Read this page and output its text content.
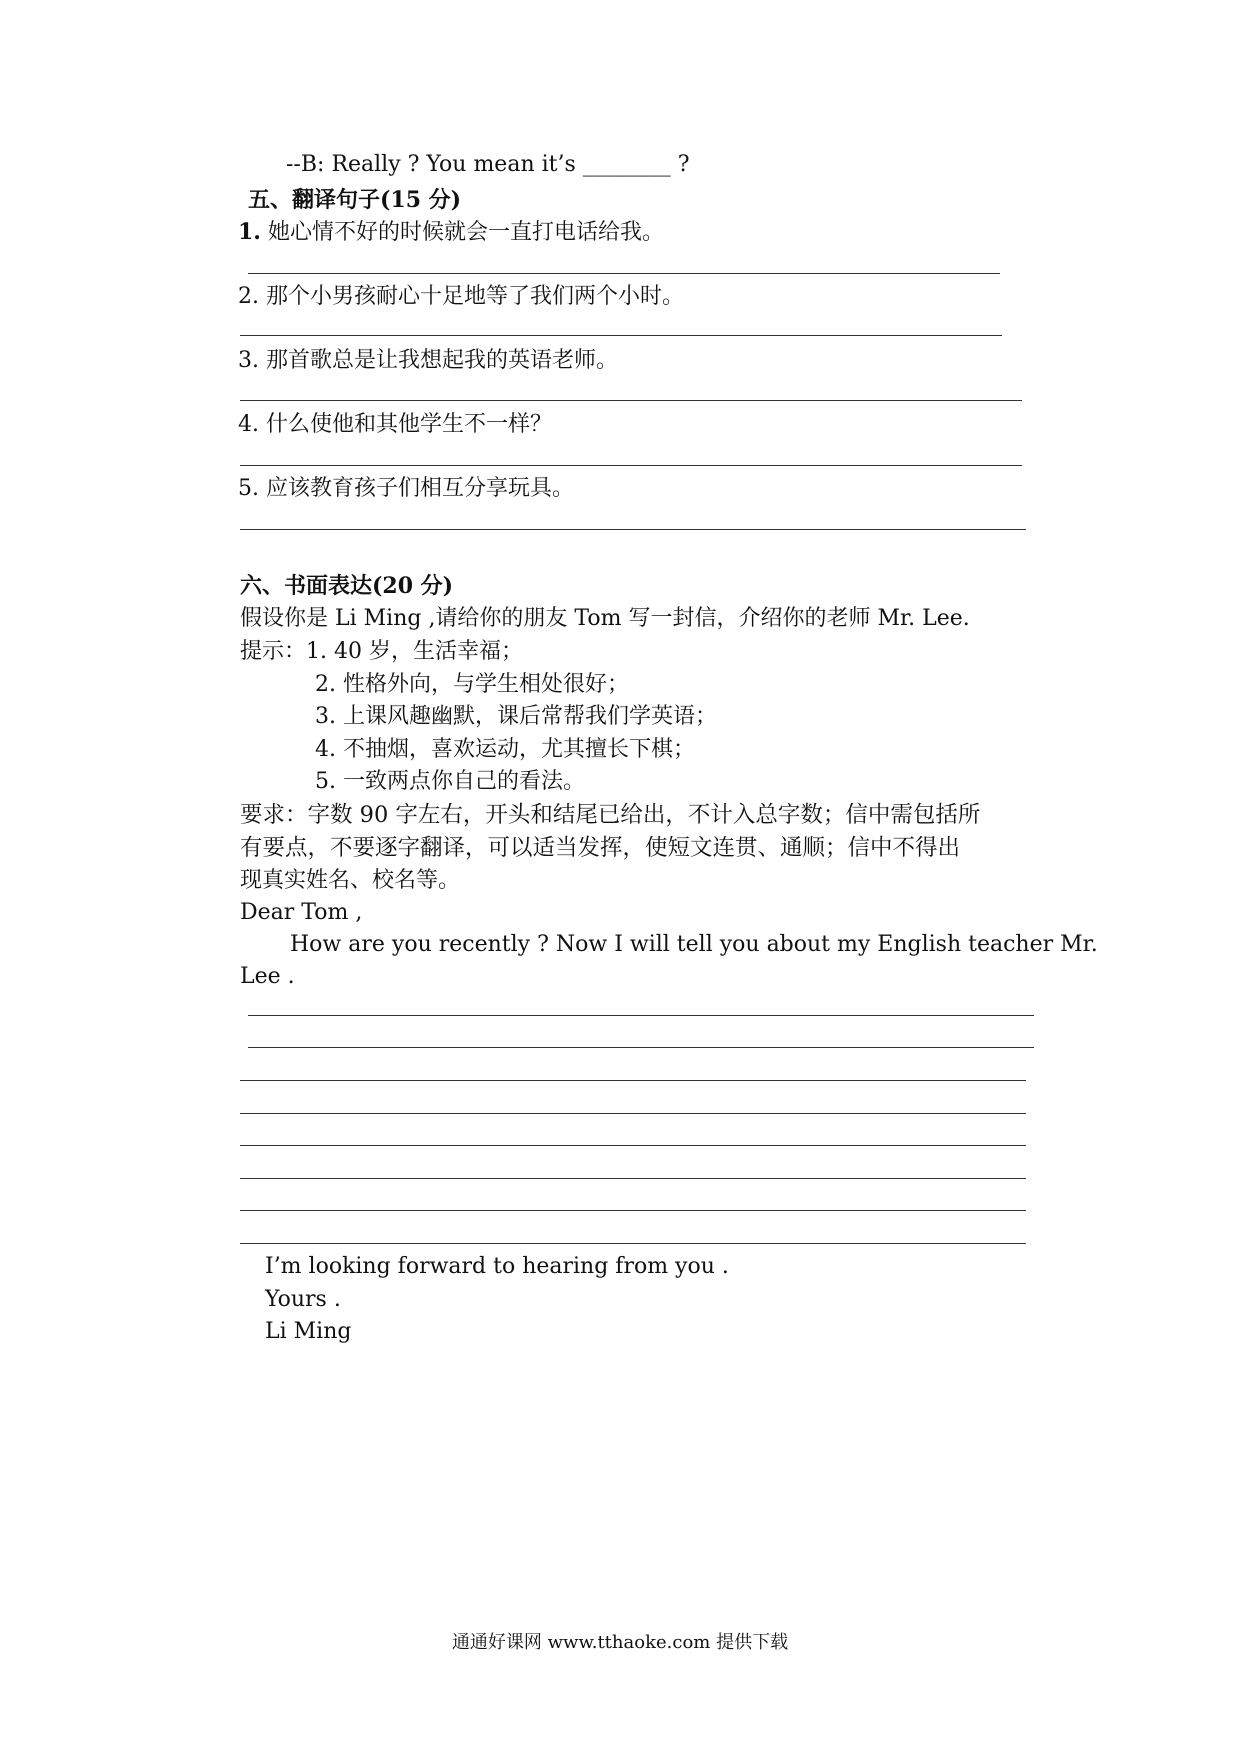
--B: Really ? You mean it’s ________ ?
五、翻译句子(15 分)
1. 她心情不好的时候就会一直打电话给我。
2. 那个小男孩耐心十足地等了我们两个小时。
3. 那首歌总是让我想起我的英语老师。
4. 什么使他和其他学生不一样？
5. 应该教育孩子们相互分享玩具。
六、书面表达(20 分)
假设你是 Li Ming ,请给你的朋友 Tom 写一封信，介绍你的老师 Mr. Lee.
提示：1. 40 岁，生活幸福；
2. 性格外向，与学生相处很好；
3. 上课风趣幽默，课后常帮我们学英语；
4. 不抽烟，喜欢运动，尤其擅长下棋；
5. 一致两点你自己的看法。
要求：字数 90 字左右，开头和结尾已给出，不计入总字数；信中需包括所
有要点，不要逐字翻译，可以适当发挥，使短文连贯、通顺；信中不得出
现真实姓名、校名等。
Dear Tom ,
How are you recently ? Now I will tell you about my English teacher Mr.
Lee .
I’m looking forward to hearing from you .
Yours .
Li Ming
通通好课网 www.tthaoke.com 提供下载
